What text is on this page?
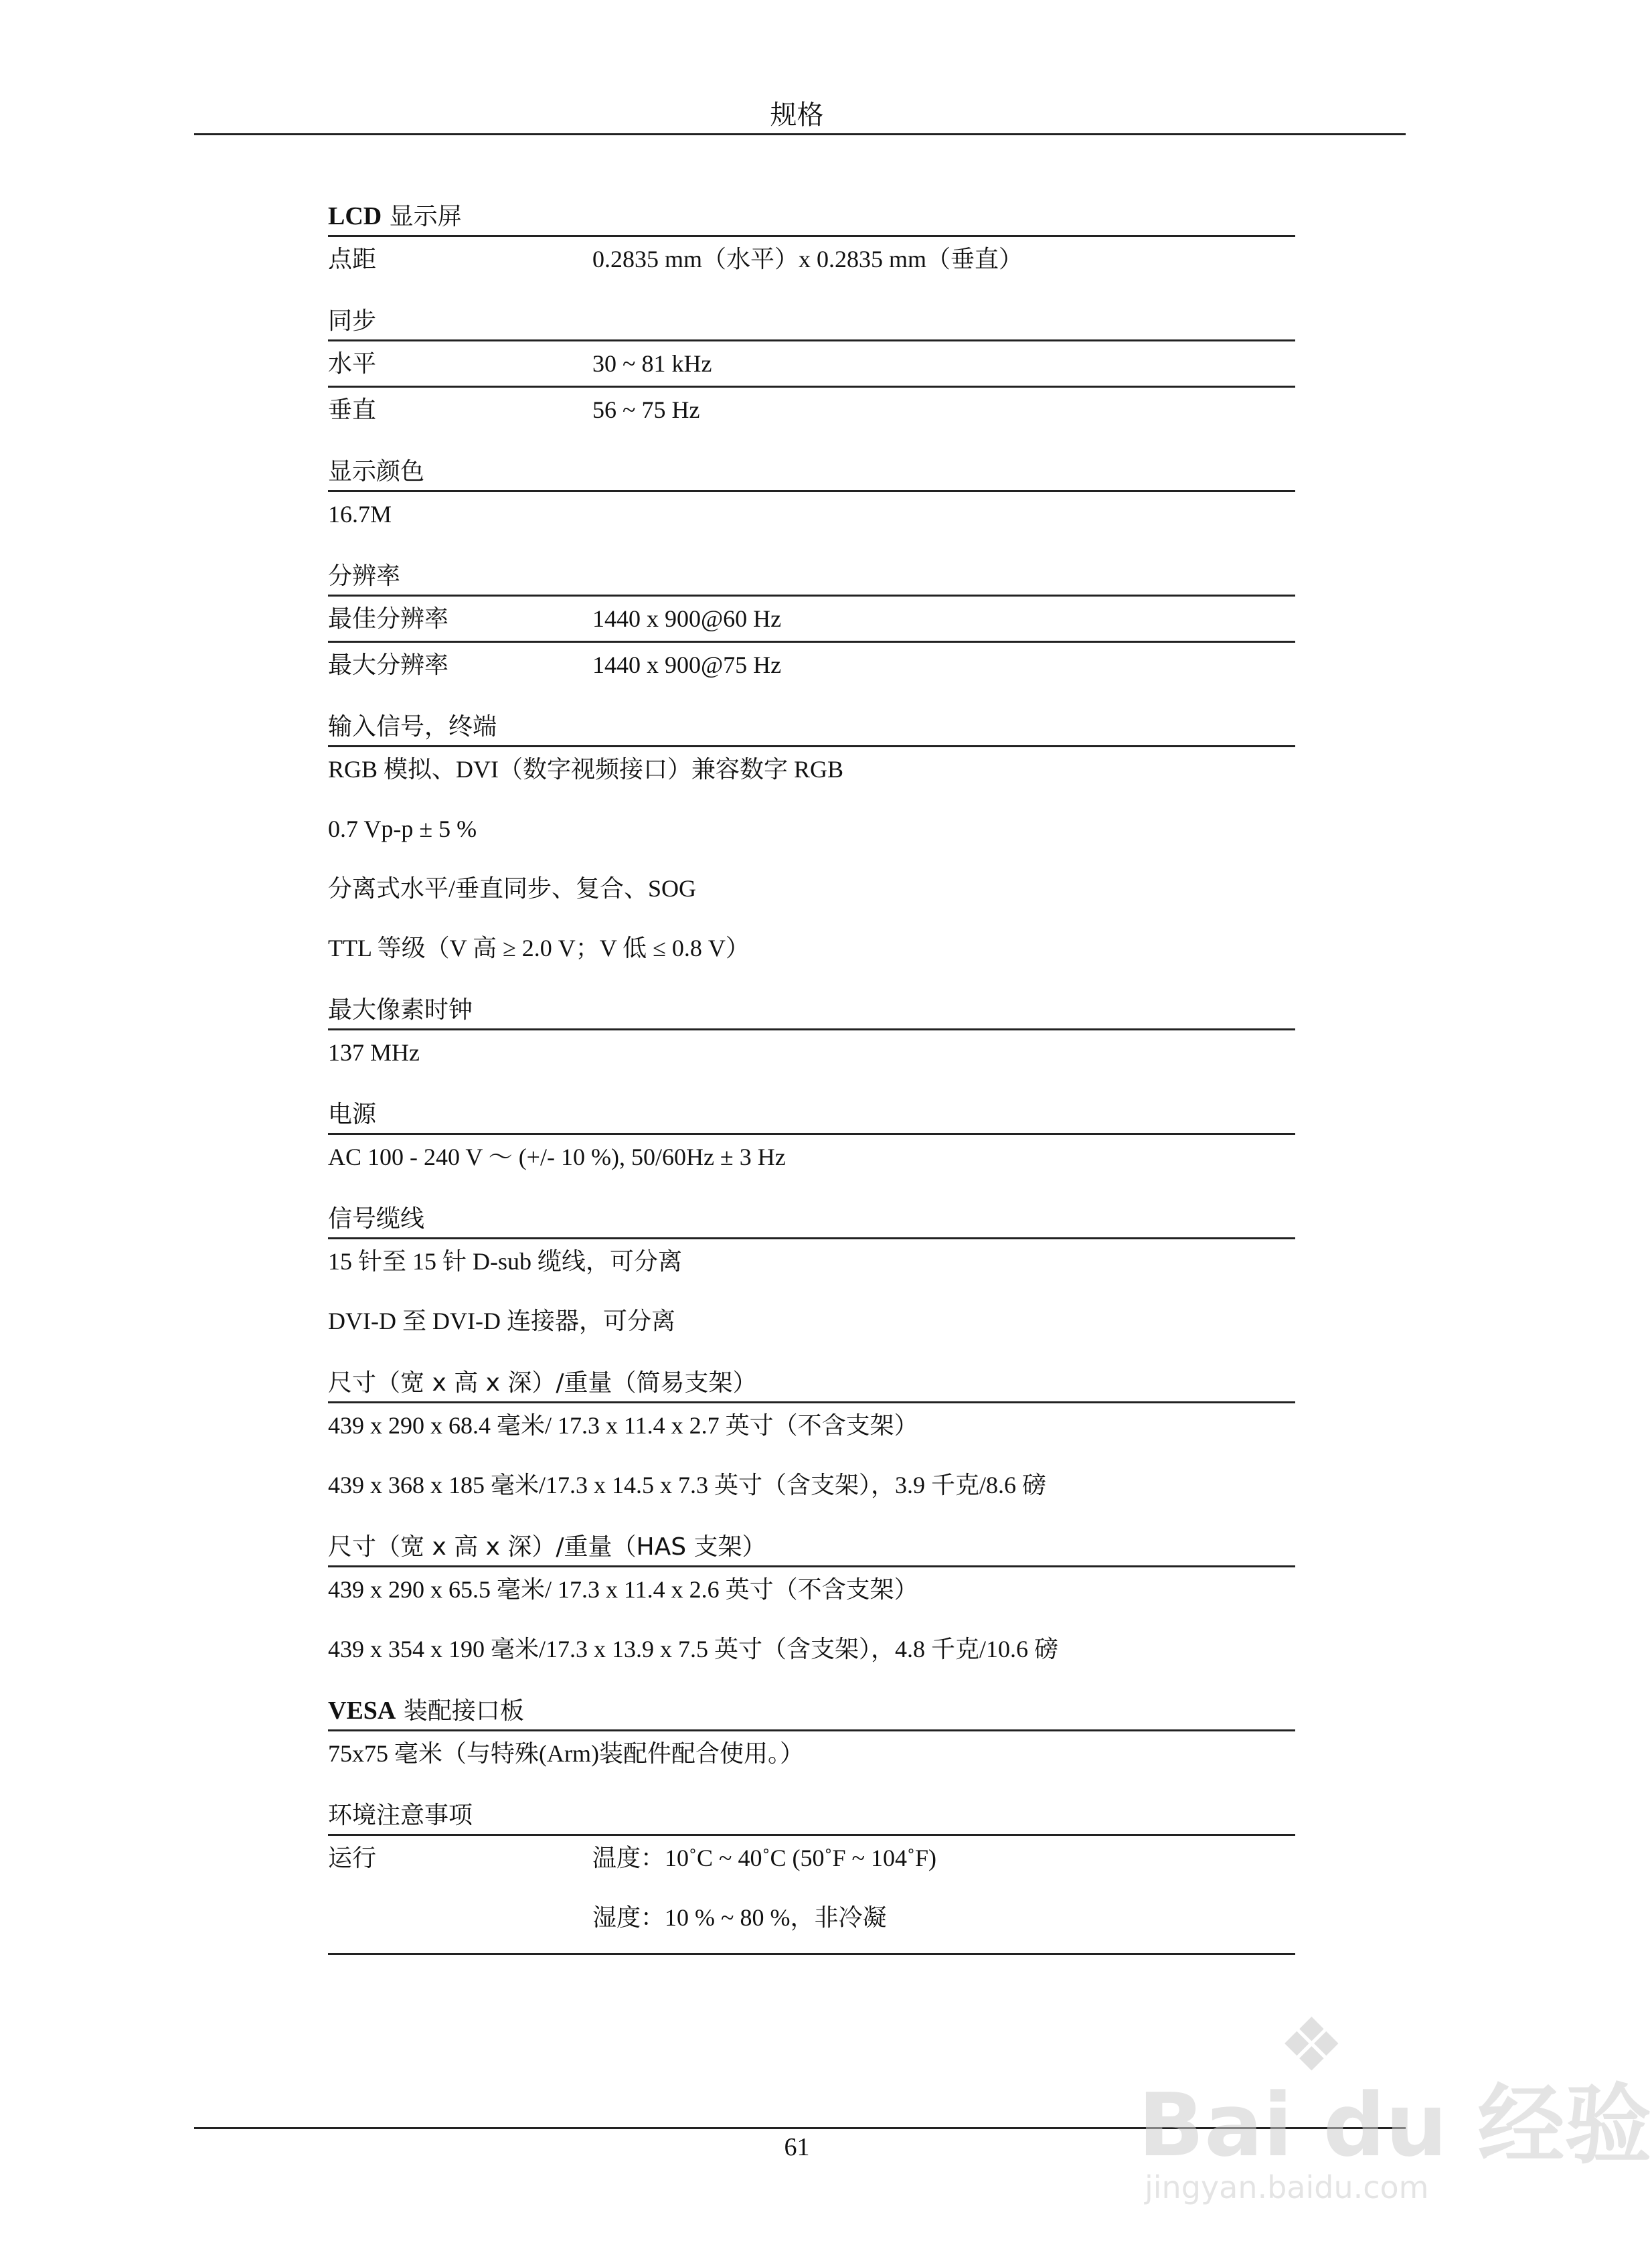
规格
LCD 显示屏
点距	0.2835 mm（水平）x 0.2835 mm（垂直）
同步
水平	30 ~ 81 kHz
垂直	56 ~ 75 Hz
显示颜色
16.7M
分辨率
最佳分辨率	1440 x 900@60 Hz
最大分辨率	1440 x 900@75 Hz
输入信号，终端
RGB 模拟、DVI（数字视频接口）兼容数字 RGB
0.7 Vp-p ± 5 %
分离式水平/垂直同步、复合、SOG
TTL 等级（V 高 ≥ 2.0 V；V 低 ≤ 0.8 V）
最大像素时钟
137 MHz
电源
AC 100 - 240 V ～ (+/- 10 %), 50/60Hz ± 3 Hz
信号缆线
15 针至 15 针 D-sub 缆线，可分离
DVI-D 至 DVI-D 连接器，可分离
尺寸（宽 x 高 x 深）/重量（简易支架）
439 x 290 x 68.4 毫米/ 17.3 x 11.4 x 2.7 英寸（不含支架）
439 x 368 x 185 毫米/17.3 x 14.5 x 7.3 英寸（含支架），3.9 千克/8.6 磅
尺寸（宽 x 高 x 深）/重量（HAS 支架）
439 x 290 x 65.5 毫米/ 17.3 x 11.4 x 2.6 英寸（不含支架）
439 x 354 x 190 毫米/17.3 x 13.9 x 7.5 英寸（含支架），4.8 千克/10.6 磅
VESA 装配接口板
75x75 毫米（与特殊(Arm)装配件配合使用。）
环境注意事项
运行	温度：10˚C ~ 40˚C (50˚F ~ 104˚F)
湿度：10 % ~ 80 %，非冷凝
61
❖
Bai du 经验
jingyan.baidu.com
